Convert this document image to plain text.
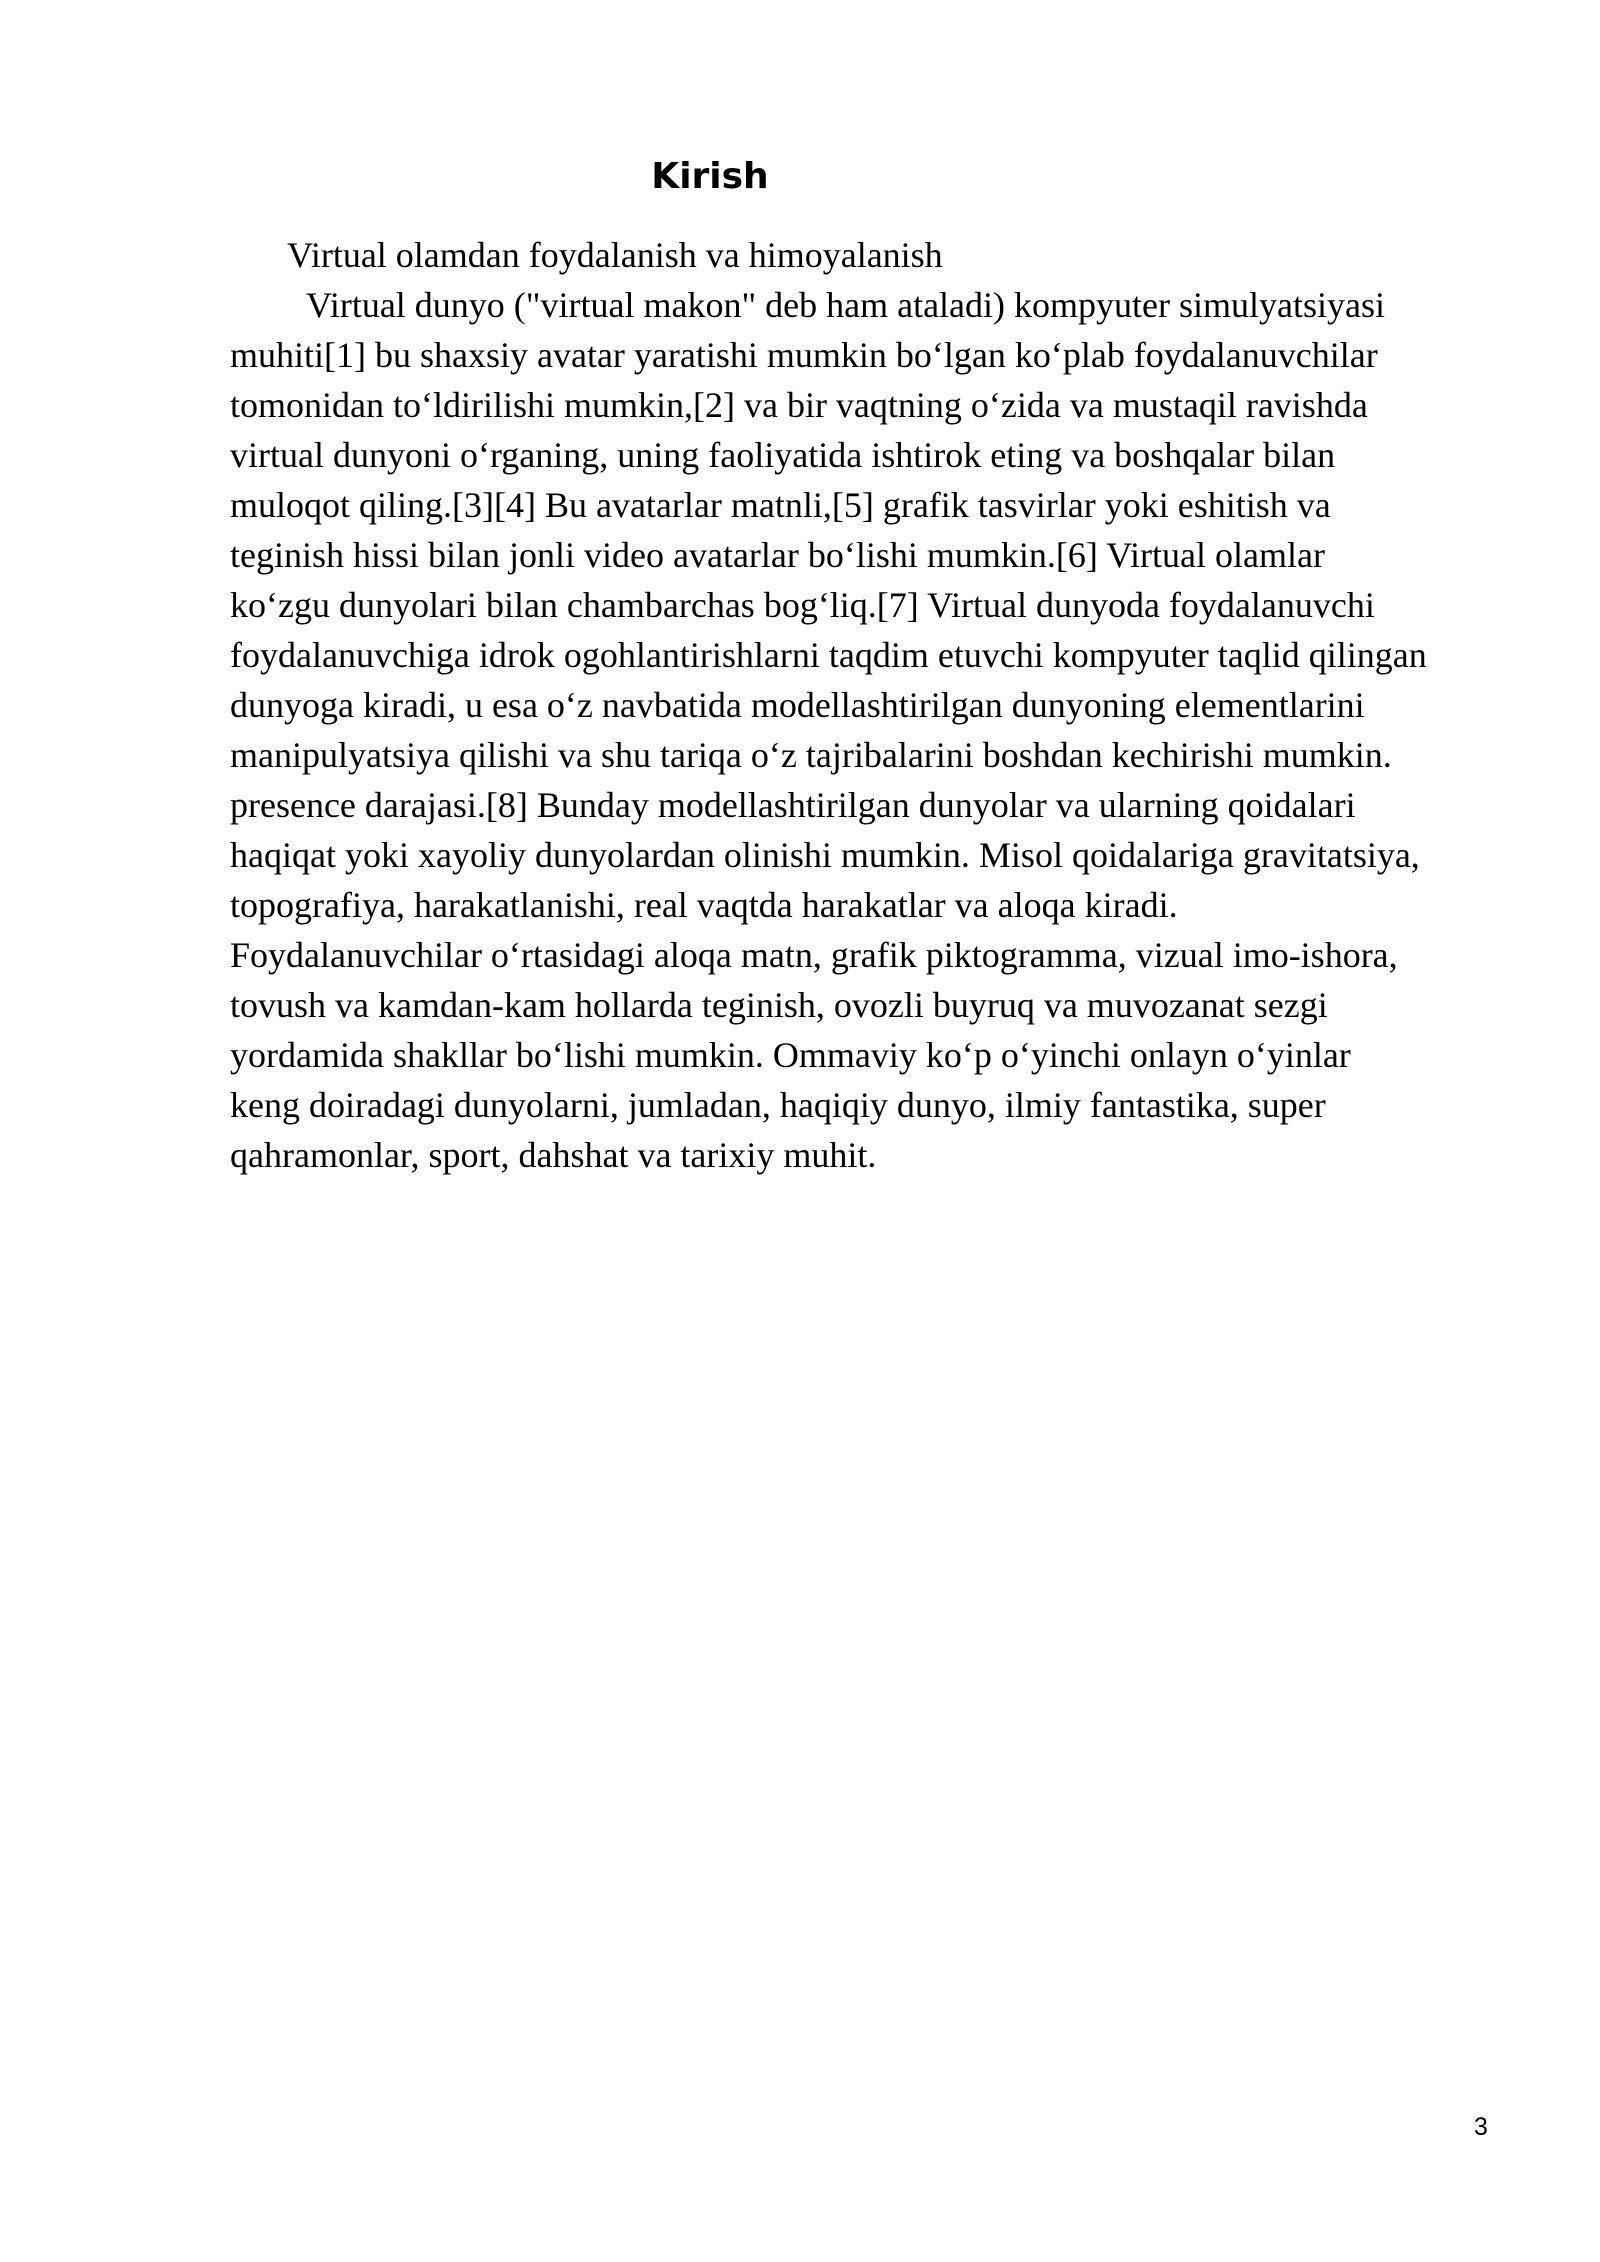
Kirish
Virtual olamdan foydalanish va himoyalanish
Virtual dunyo ("virtual makon" deb ham ataladi) kompyuter simulyatsiyasi
muhiti[1] bu shaxsiy avatar yaratishi mumkin boʻlgan koʻplab foydalanuvchilar
tomonidan toʻldirilishi mumkin,[2] va bir vaqtning oʻzida va mustaqil ravishda
virtual dunyoni oʻrganing, uning faoliyatida ishtirok eting va boshqalar bilan
muloqot qiling.[3][4] Bu avatarlar matnli,[5] grafik tasvirlar yoki eshitish va
teginish hissi bilan jonli video avatarlar boʻlishi mumkin.[6] Virtual olamlar
koʻzgu dunyolari bilan chambarchas bogʻliq.[7] Virtual dunyoda foydalanuvchi
foydalanuvchiga idrok ogohlantirishlarni taqdim etuvchi kompyuter taqlid qilingan
dunyoga kiradi, u esa oʻz navbatida modellashtirilgan dunyoning elementlarini
manipulyatsiya qilishi va shu tariqa oʻz tajribalarini boshdan kechirishi mumkin.
presence darajasi.[8] Bunday modellashtirilgan dunyolar va ularning qoidalari
haqiqat yoki xayoliy dunyolardan olinishi mumkin. Misol qoidalariga gravitatsiya,
topografiya, harakatlanishi, real vaqtda harakatlar va aloqa kiradi.
Foydalanuvchilar oʻrtasidagi aloqa matn, grafik piktogramma, vizual imo-ishora,
tovush va kamdan-kam hollarda teginish, ovozli buyruq va muvozanat sezgi
yordamida shakllar boʻlishi mumkin. Ommaviy koʻp oʻyinchi onlayn oʻyinlar
keng doiradagi dunyolarni, jumladan, haqiqiy dunyo, ilmiy fantastika, super
qahramonlar, sport, dahshat va tarixiy muhit.
3
